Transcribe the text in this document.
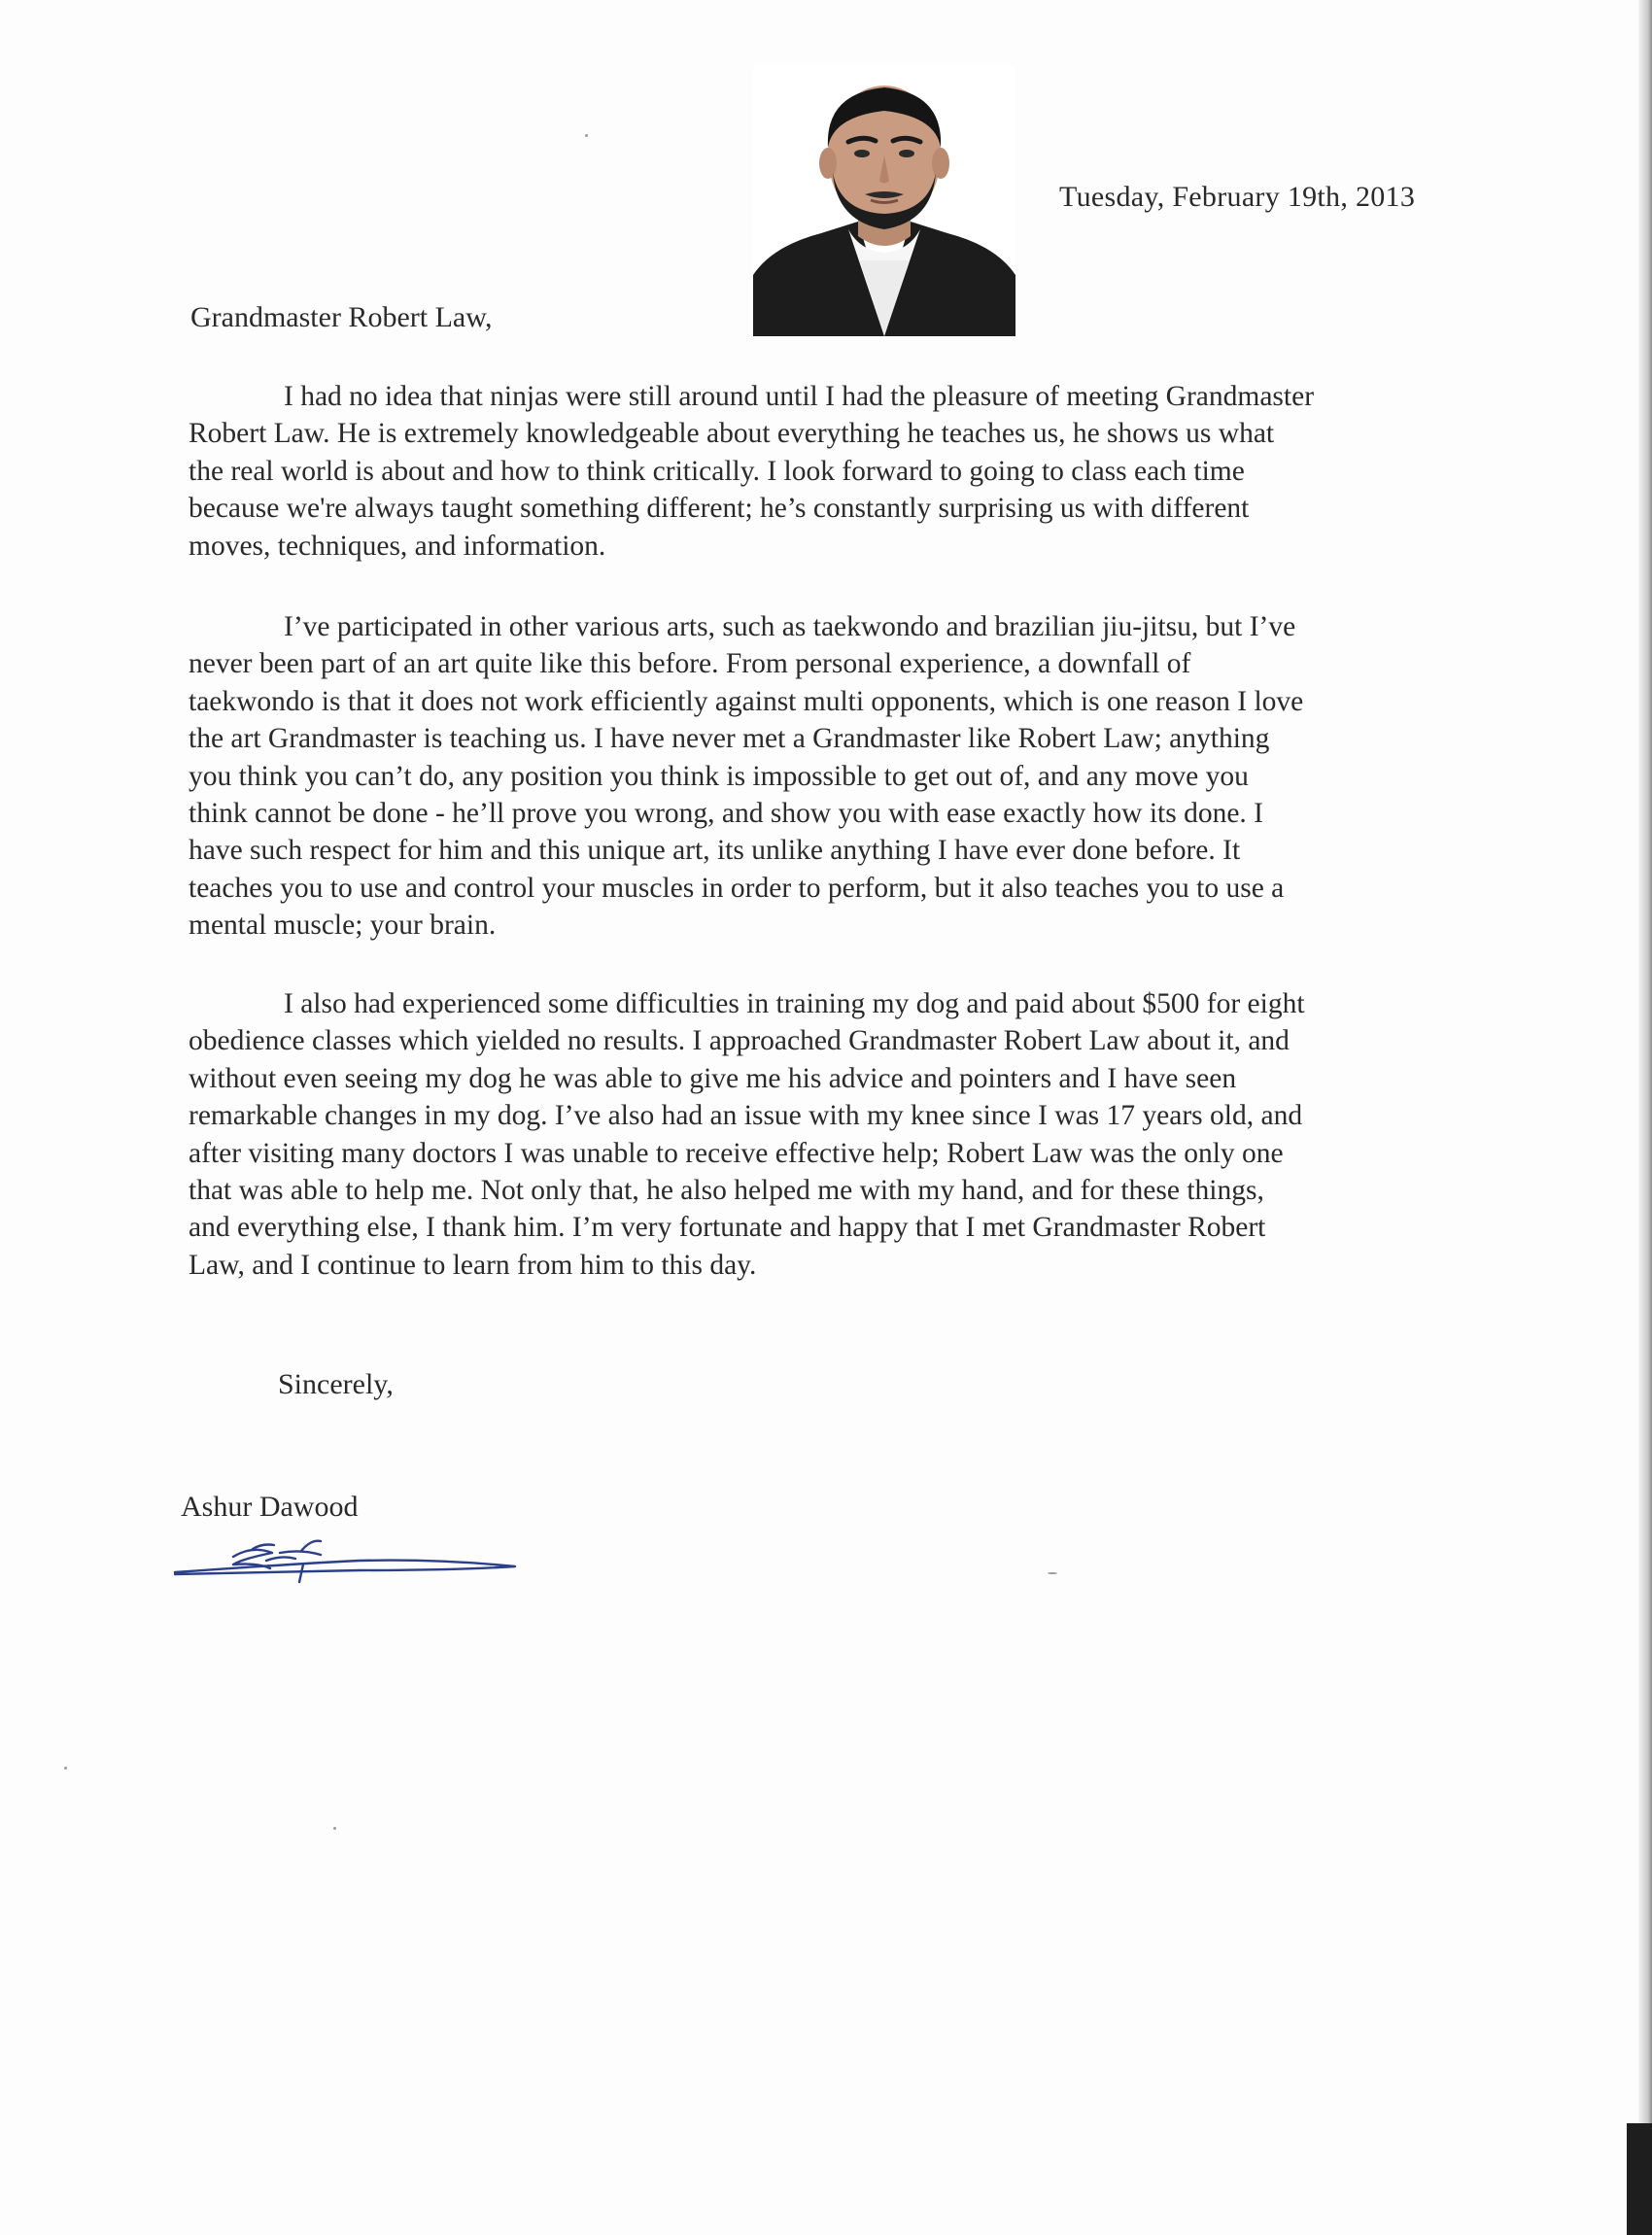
Tuesday, February 19th, 2013
Grandmaster Robert Law,
I had no idea that ninjas were still around until I had the pleasure of meeting Grandmaster
Robert Law. He is extremely knowledgeable about everything he teaches us, he shows us what
the real world is about and how to think critically. I look forward to going to class each time
because we're always taught something different; he’s constantly surprising us with different
moves, techniques, and information.
I’ve participated in other various arts, such as taekwondo and brazilian jiu-jitsu, but I’ve
never been part of an art quite like this before. From personal experience, a downfall of
taekwondo is that it does not work efficiently against multi opponents, which is one reason I love
the art Grandmaster is teaching us. I have never met a Grandmaster like Robert Law; anything
you think you can’t do, any position you think is impossible to get out of, and any move you
think cannot be done - he’ll prove you wrong, and show you with ease exactly how its done. I
have such respect for him and this unique art, its unlike anything I have ever done before. It
teaches you to use and control your muscles in order to perform, but it also teaches you to use a
mental muscle; your brain.
I also had experienced some difficulties in training my dog and paid about $500 for eight
obedience classes which yielded no results. I approached Grandmaster Robert Law about it, and
without even seeing my dog he was able to give me his advice and pointers and I have seen
remarkable changes in my dog. I’ve also had an issue with my knee since I was 17 years old, and
after visiting many doctors I was unable to receive effective help; Robert Law was the only one
that was able to help me. Not only that, he also helped me with my hand, and for these things,
and everything else, I thank him. I’m very fortunate and happy that I met Grandmaster Robert
Law, and I continue to learn from him to this day.
Sincerely,
Ashur Dawood
